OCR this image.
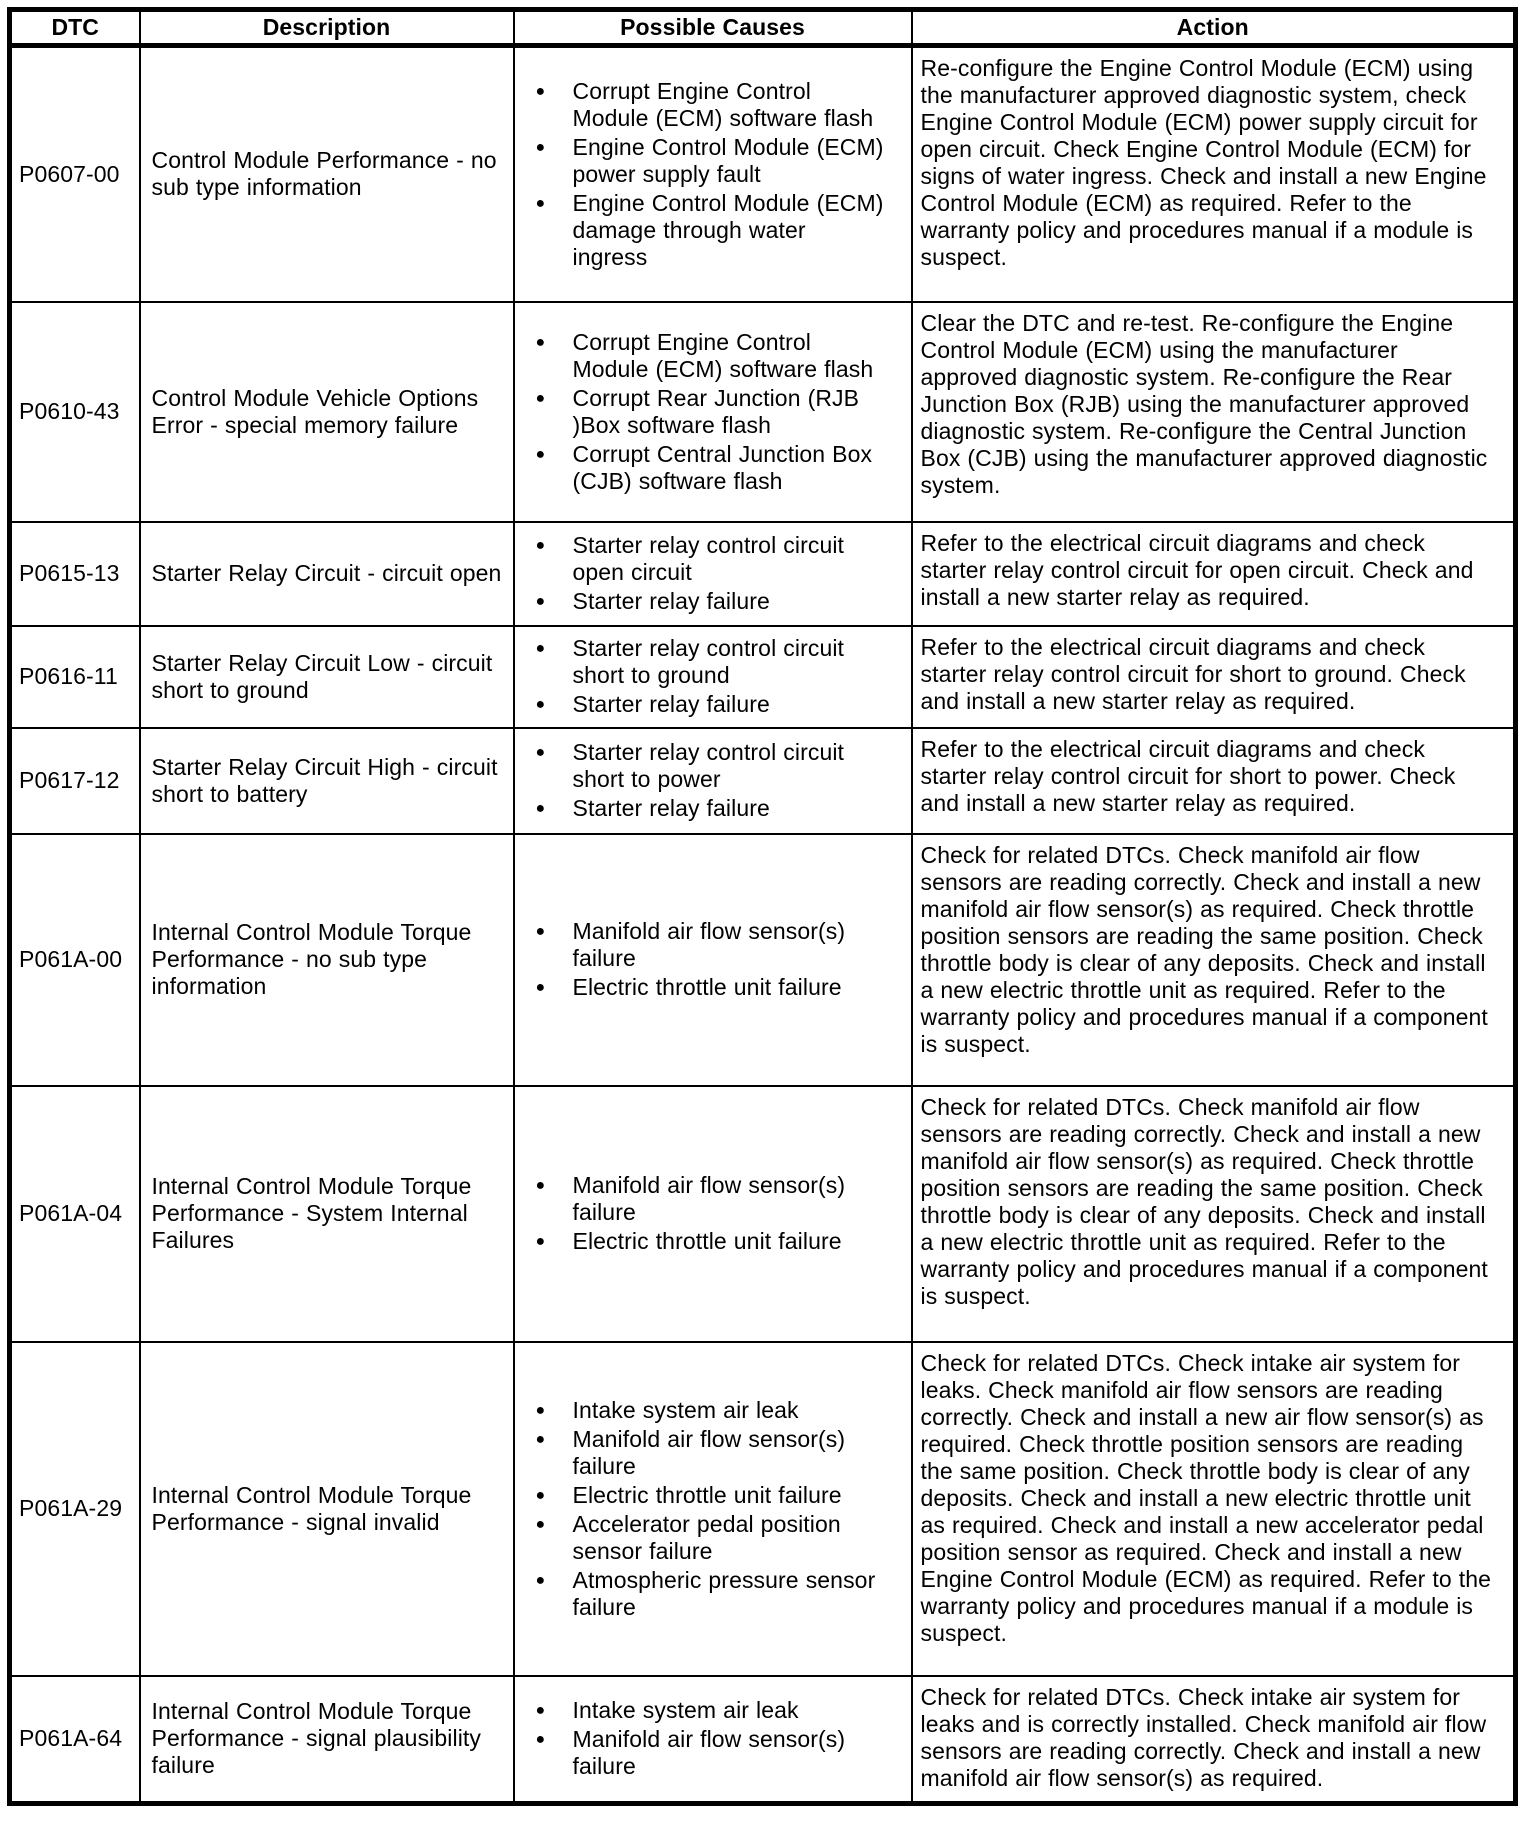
DTC	Description	Possible Causes	Action
P0607-00	Control Module Performance - no sub type information	
●	Corrupt Engine Control Module (ECM) software flash
●	Engine Control Module (ECM) power supply fault
●	Engine Control Module (ECM) damage through water ingress
	Re-configure the Engine Control Module (ECM) using the manufacturer approved diagnostic system, check Engine Control Module (ECM) power supply circuit for open circuit. Check Engine Control Module (ECM) for signs of water ingress. Check and install a new Engine Control Module (ECM) as required. Refer to the warranty policy and procedures manual if a module is suspect.
P0610-43	Control Module Vehicle Options Error - special memory failure	
●	Corrupt Engine Control Module (ECM) software flash
●	Corrupt Rear Junction (RJB )Box software flash
●	Corrupt Central Junction Box (CJB) software flash
	Clear the DTC and re-test. Re-configure the Engine Control Module (ECM) using the manufacturer approved diagnostic system. Re-configure the Rear Junction Box (RJB) using the manufacturer approved diagnostic system. Re-configure the Central Junction Box (CJB) using the manufacturer approved diagnostic system.
P0615-13	Starter Relay Circuit - circuit open	● Starter relay control circuit open circuit
● Starter relay failure	Refer to the electrical circuit diagrams and check starter relay control circuit for open circuit. Check and install a new starter relay as required.
P0616-11	Starter Relay Circuit Low - circuit short to ground	● Starter relay control circuit short to ground
● Starter relay failure	Refer to the electrical circuit diagrams and check starter relay control circuit for short to ground. Check and install a new starter relay as required.
P0617-12	Starter Relay Circuit High - circuit short to battery	● Starter relay control circuit short to power
● Starter relay failure	Refer to the electrical circuit diagrams and check starter relay control circuit for short to power. Check and install a new starter relay as required.
P061A-00	Internal Control Module Torque Performance - no sub type information	
●	Manifold air flow sensor(s) failure
●	Electric throttle unit failure
	Check for related DTCs. Check manifold air flow sensors are reading correctly. Check and install a new manifold air flow sensor(s) as required. Check throttle position sensors are reading the same position. Check throttle body is clear of any deposits. Check and install a new electric throttle unit as required. Refer to the warranty policy and procedures manual if a component is suspect.
P061A-04	Internal Control Module Torque Performance - System Internal Failures	
●	Manifold air flow sensor(s) failure
●	Electric throttle unit failure
	Check for related DTCs. Check manifold air flow sensors are reading correctly. Check and install a new manifold air flow sensor(s) as required. Check throttle position sensors are reading the same position. Check throttle body is clear of any deposits. Check and install a new electric throttle unit as required. Refer to the warranty policy and procedures manual if a component is suspect.
P061A-29	Internal Control Module Torque Performance - signal invalid	
●	Intake system air leak
●	Manifold air flow sensor(s) failure
●	Electric throttle unit failure
●	Accelerator pedal position sensor failure
●	Atmospheric pressure sensor failure
	Check for related DTCs. Check intake air system for leaks. Check manifold air flow sensors are reading correctly. Check and install a new air flow sensor(s) as required. Check throttle position sensors are reading the same position. Check throttle body is clear of any deposits. Check and install a new electric throttle unit as required. Check and install a new accelerator pedal position sensor as required. Check and install a new Engine Control Module (ECM) as required. Refer to the warranty policy and procedures manual if a module is suspect.
P061A-64	Internal Control Module Torque Performance - signal plausibility failure	
●	Intake system air leak
●	Manifold air flow sensor(s) failure
	Check for related DTCs. Check intake air system for leaks and is correctly installed. Check manifold air flow sensors are reading correctly. Check and install a new manifold air flow sensor(s) as required.
